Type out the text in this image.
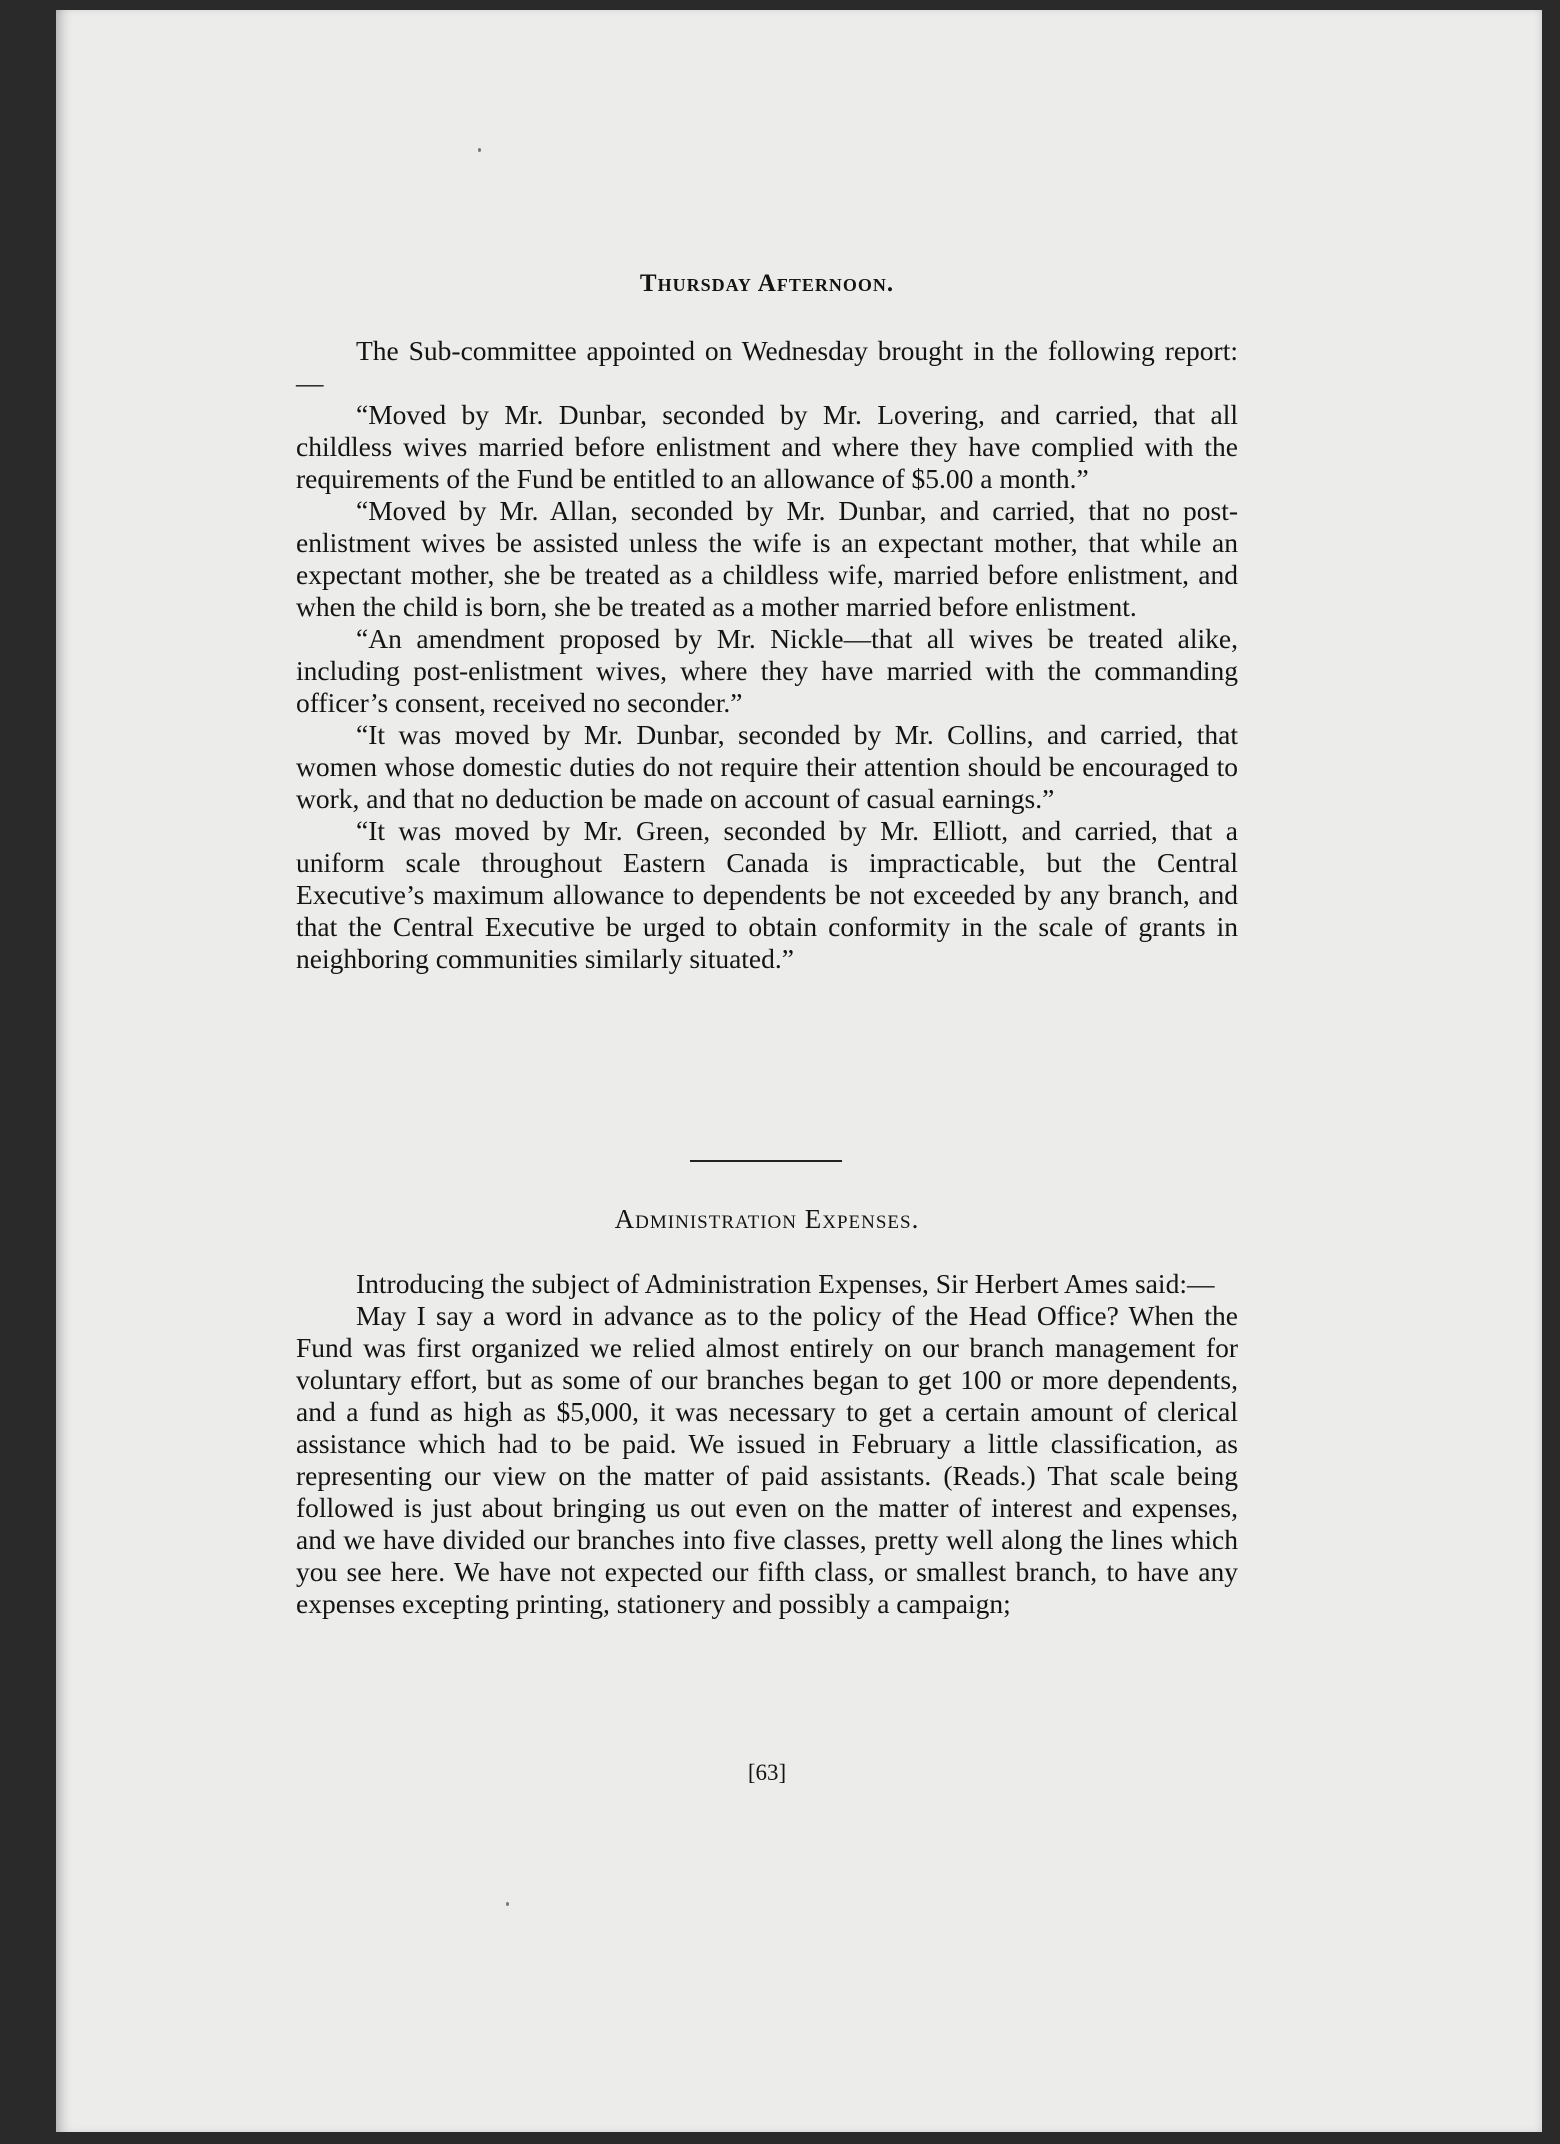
Thursday Afternoon.

The Sub-committee appointed on Wednesday brought in the following report:—

“Moved by Mr. Dunbar, seconded by Mr. Lovering, and carried, that all childless wives married before enlistment and where they have complied with the requirements of the Fund be entitled to an allowance of $5.00 a month.”

“Moved by Mr. Allan, seconded by Mr. Dunbar, and carried, that no post-enlistment wives be assisted unless the wife is an expectant mother, that while an expectant mother, she be treated as a childless wife, married before enlistment, and when the child is born, she be treated as a mother married before enlistment.

“An amendment proposed by Mr. Nickle—that all wives be treated alike, including post-enlistment wives, where they have married with the commanding officer’s consent, received no seconder.”

“It was moved by Mr. Dunbar, seconded by Mr. Collins, and carried, that women whose domestic duties do not require their attention should be encouraged to work, and that no deduction be made on account of casual earnings.”

“It was moved by Mr. Green, seconded by Mr. Elliott, and carried, that a uniform scale throughout Eastern Canada is impracticable, but the Central Executive’s maximum allowance to dependents be not exceeded by any branch, and that the Central Executive be urged to obtain conformity in the scale of grants in neighboring communities similarly situated.”

Administration Expenses.

Introducing the subject of Administration Expenses, Sir Herbert Ames said:—

May I say a word in advance as to the policy of the Head Office? When the Fund was first organized we relied almost entirely on our branch management for voluntary effort, but as some of our branches began to get 100 or more dependents, and a fund as high as $5,000, it was necessary to get a certain amount of clerical assistance which had to be paid. We issued in February a little classification, as representing our view on the matter of paid assistants. (Reads.) That scale being followed is just about bringing us out even on the matter of interest and expenses, and we have divided our branches into five classes, pretty well along the lines which you see here. We have not expected our fifth class, or smallest branch, to have any expenses excepting printing, stationery and possibly a campaign;

[63]
